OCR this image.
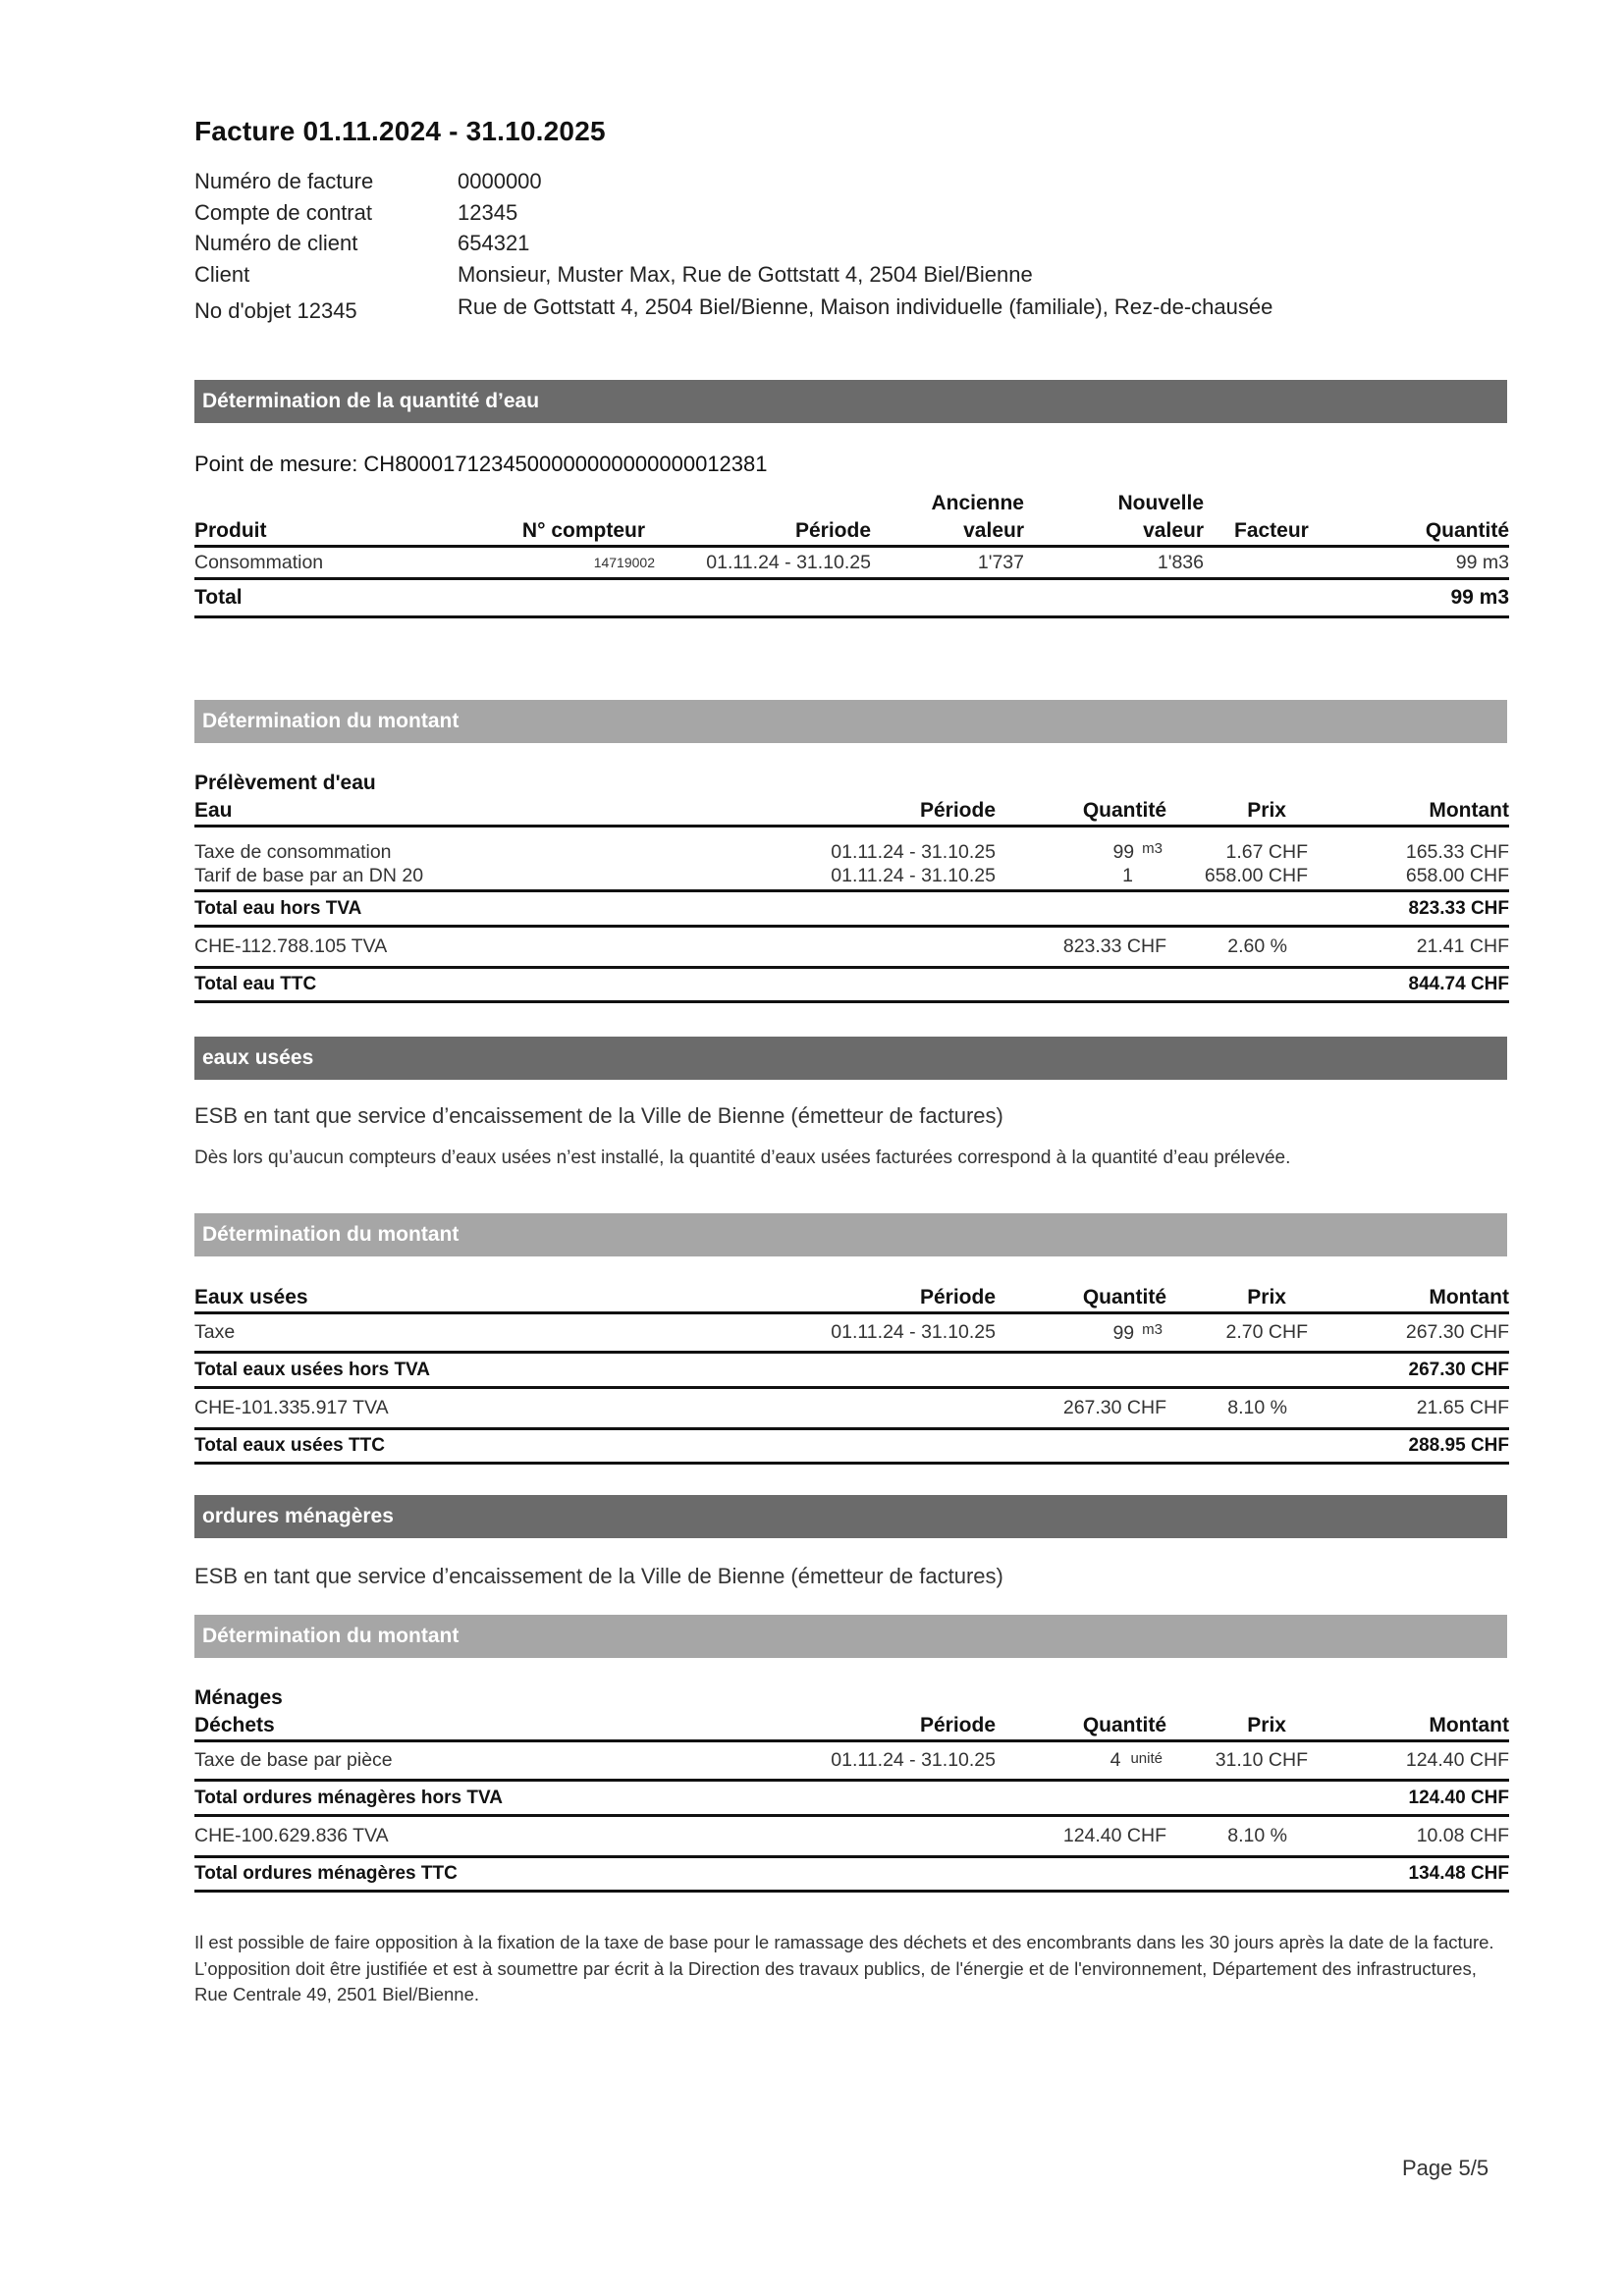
Facture 01.11.2024 - 31.10.2025
Numéro de facture	0000000
Compte de contrat	12345
Numéro de client	654321
Client	Monsieur, Muster Max, Rue de Gottstatt 4, 2504 Biel/Bienne
No d'objet 12345	Rue de Gottstatt 4, 2504 Biel/Bienne, Maison individuelle (familiale), Rez-de-chausée
Détermination de la quantité d’eau
Point de mesure: CH8000171234500000000000000012381
			Ancienne	Nouvelle		
Produit	N° compteur	Période	valeur	valeur	Facteur	Quantité
Consommation	14719002	01.11.24 - 31.10.25	1'737	1'836		99 m3
Total						99 m3
Détermination du montant
Prélèvement d'eau
Eau	Période	Quantité	Prix	Montant
Taxe de consommation	01.11.24 - 31.10.25	99 $^{m3}$	1.67 CHF	165.33 CHF
Tarif de base par an DN 20	01.11.24 - 31.10.25	1	658.00 CHF	658.00 CHF
Total eau hors TVA				823.33 CHF
CHE-112.788.105 TVA		823.33 CHF	2.60 %	21.41 CHF
Total eau TTC				844.74 CHF
eaux usées
ESB en tant que service d’encaissement de la Ville de Bienne (émetteur de factures)
Dès lors qu’aucun compteurs d’eaux usées n’est installé, la quantité d’eaux usées facturées correspond à la quantité d’eau prélevée.
Détermination du montant
Eaux usées	Période	Quantité	Prix	Montant
Taxe	01.11.24 - 31.10.25	99 $^{m3}$	2.70 CHF	267.30 CHF
Total eaux usées hors TVA				267.30 CHF
CHE-101.335.917 TVA		267.30 CHF	8.10 %	21.65 CHF
Total eaux usées TTC				288.95 CHF
ordures ménagères
ESB en tant que service d’encaissement de la Ville de Bienne (émetteur de factures)
Détermination du montant
Ménages
Déchets	Période	Quantité	Prix	Montant
Taxe de base par pièce	01.11.24 - 31.10.25	4 unité	31.10 CHF	124.40 CHF
Total ordures ménagères hors TVA				124.40 CHF
CHE-100.629.836 TVA		124.40 CHF	8.10 %	10.08 CHF
Total ordures ménagères TTC				134.48 CHF
Il est possible de faire opposition à la fixation de la taxe de base pour le ramassage des déchets et des encombrants dans les 30 jours après la date de la facture. L’opposition doit être justifiée et est à soumettre par écrit à la Direction des travaux publics, de l'énergie et de l'environnement, Département des infrastructures, Rue Centrale 49, 2501 Biel/Bienne.
Page 5/5
